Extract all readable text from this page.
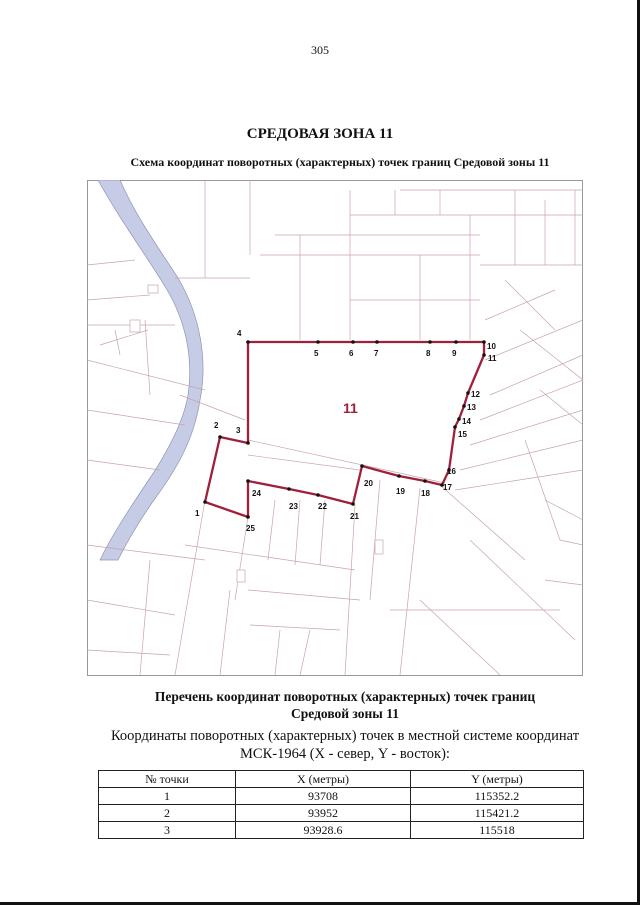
305
СРЕДОВАЯ ЗОНА 11
Схема координат поворотных (характерных) точек границ Средовой зоны 11
11
1
2
3
4
5	6	7	8	9
10
11
12
13
14
15
16
17
18
19
20
21
22
23
24
25
Перечень координат поворотных (характерных) точек границ
Средовой зоны 11
Координаты поворотных (характерных) точек в местной системе координат
МСК-1964 (X - север, Y - восток):
№ точки	X (метры)	Y (метры)
1	93708	115352.2
2	93952	115421.2
3	93928.6	115518
